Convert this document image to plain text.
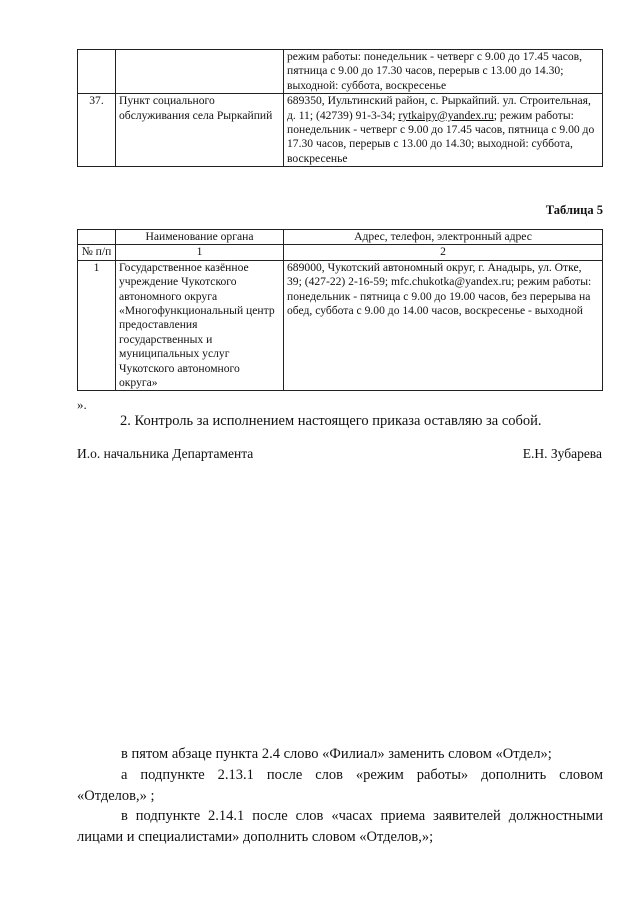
		режим работы: понедельник - четверг с 9.00 до 17.45 часов, пятница с 9.00 до 17.30 часов, перерыв с 13.00 до 14.30; выходной: суббота, воскресенье
37.	Пункт социального обслуживания села Рыркайпий	689350, Иультинский район, с. Рыркайпий. ул. Строительная, д. 11; (42739) 91-3-34; rytkaipy@yandex.ru; режим работы: понедельник - четверг с 9.00 до 17.45 часов, пятница с 9.00 до 17.30 часов, перерыв с 13.00 до 14.30; выходной: суббота, воскресенье
Таблица 5
	Наименование органа	Адрес, телефон, электронный адрес
№ п/п	1	2
1	Государственное казённое учреждение Чукотского автономного округа «Многофункциональный центр предоставления государственных и муниципальных услуг Чукотского автономного округа»	689000, Чукотский автономный округ, г. Анадырь, ул. Отке, 39; (427-22) 2-16-59; mfc.chukotka@yandex.ru; режим работы: понедельник - пятница с 9.00 до 19.00 часов, без перерыва на обед, суббота с 9.00 до 14.00 часов, воскресенье - выходной
».
2. Контроль за исполнением настоящего приказа оставляю за собой.
И.о. начальника Департамента	Е.Н. Зубарева
в пятом абзаце пункта 2.4 слово «Филиал» заменить словом «Отдел»;
а подпункте 2.13.1 после слов «режим работы» дополнить словом
«Отделов,» ;
в подпункте 2.14.1 после слов «часах приема заявителей должностными
лицами и специалистами» дополнить словом «Отделов,»;
